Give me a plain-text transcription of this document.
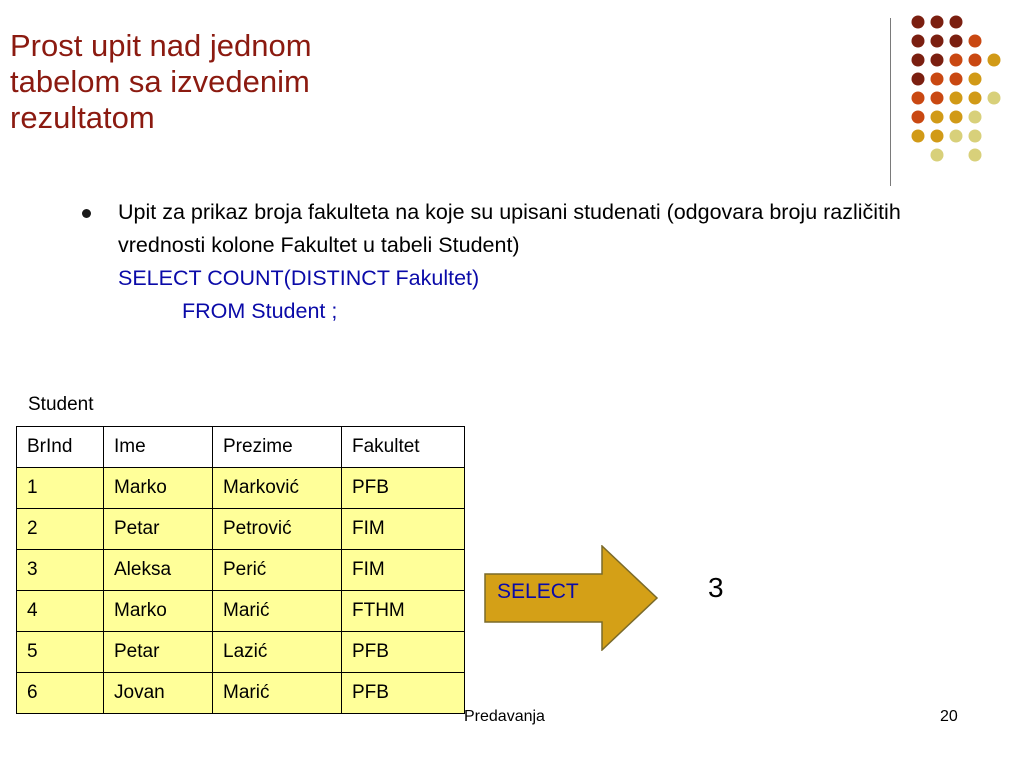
Prost upit nad jednom tabelom sa izvedenim rezultatom
Upit za prikaz broja fakulteta na koje su upisani studenati (odgovara broju različitih vrednosti kolone Fakultet u tabeli Student)
SELECT COUNT(DISTINCT Fakultet)
FROM Student ;
Student
BrInd	Ime	Prezime	Fakultet
1	Marko	Marković	PFB
2	Petar	Petrović	FIM
3	Aleksa	Perić	FIM
4	Marko	Marić	FTHM
5	Petar	Lazić	PFB
6	Jovan	Marić	PFB
SELECT	3
Predavanja	20
